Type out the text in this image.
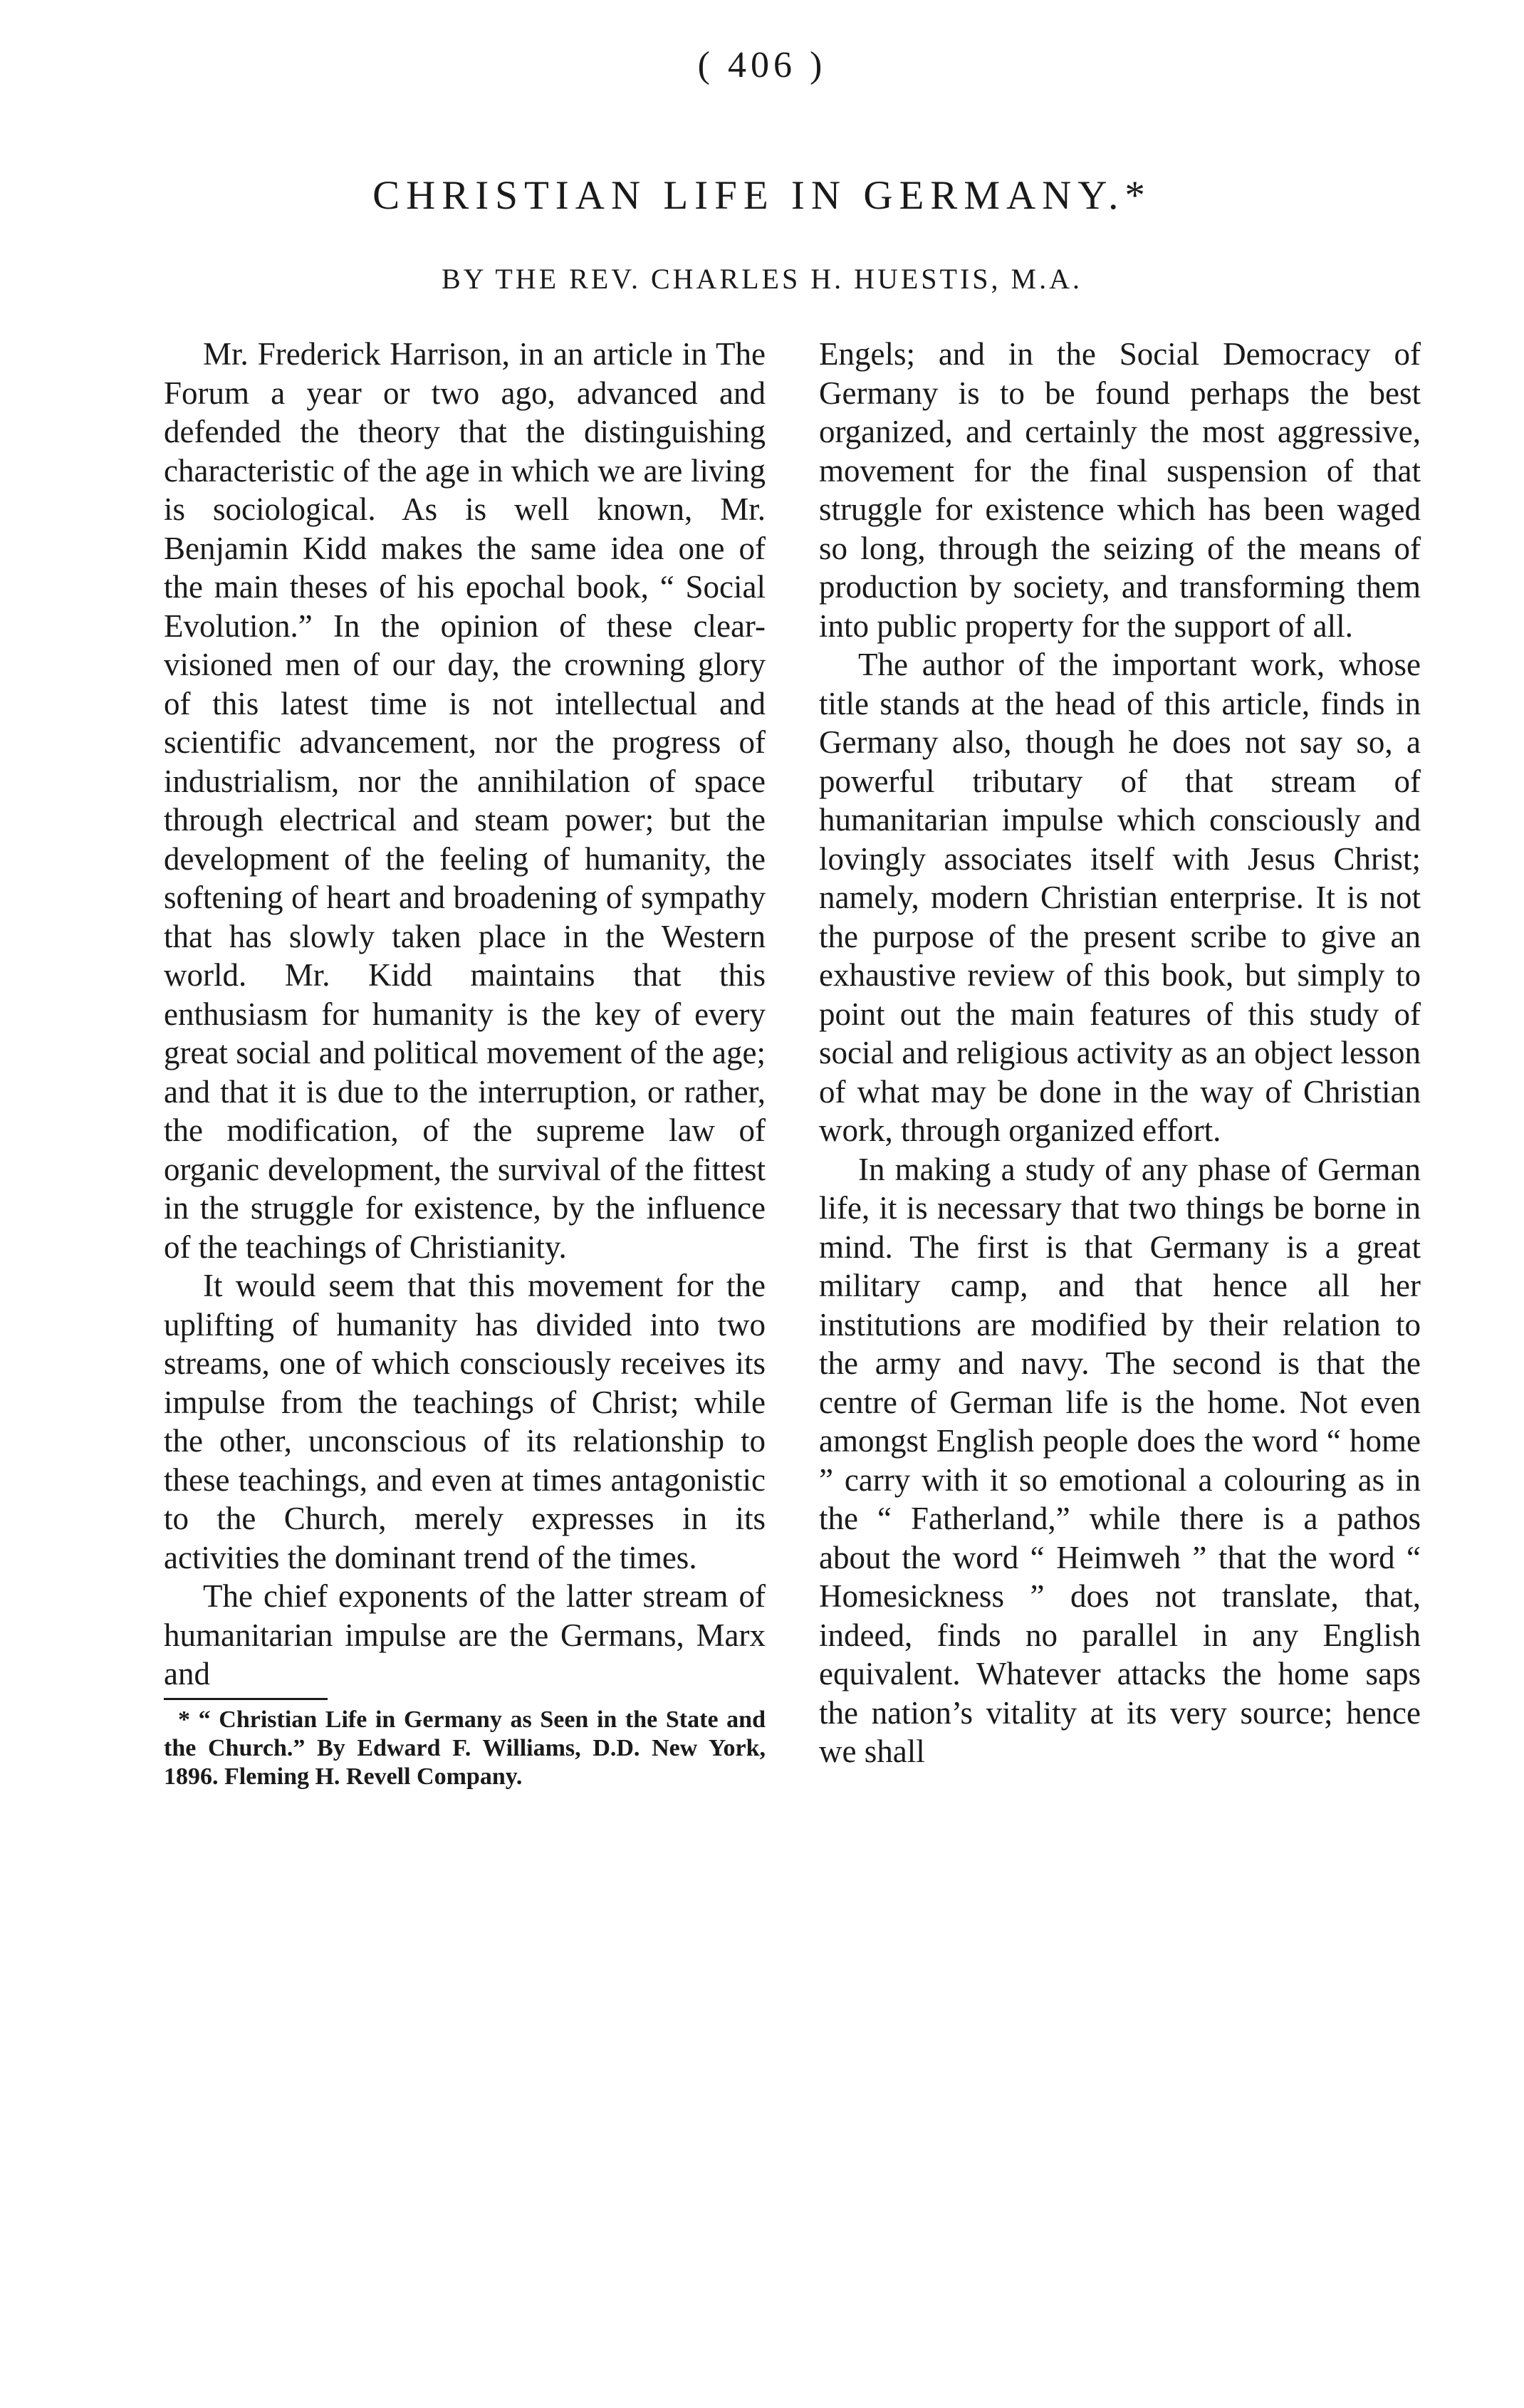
( 406 )
CHRISTIAN LIFE IN GERMANY.*
BY THE REV. CHARLES H. HUESTIS, M.A.

Mr. Frederick Harrison, in an article in The Forum a year or two ago, advanced and defended the theory that the distinguishing characteristic of the age in which we are living is sociological. As is well known, Mr. Benjamin Kidd makes the same idea one of the main theses of his epochal book, “ Social Evolution.” In the opinion of these clear-visioned men of our day, the crowning glory of this latest time is not intellectual and scientific advancement, nor the progress of industrialism, nor the annihilation of space through electrical and steam power; but the development of the feeling of humanity, the softening of heart and broadening of sympathy that has slowly taken place in the Western world. Mr. Kidd maintains that this enthusiasm for humanity is the key of every great social and political movement of the age; and that it is due to the interruption, or rather, the modification, of the supreme law of organic development, the survival of the fittest in the struggle for existence, by the influence of the teachings of Christianity.

It would seem that this movement for the uplifting of humanity has divided into two streams, one of which consciously receives its impulse from the teachings of Christ; while the other, unconscious of its relationship to these teachings, and even at times antagonistic to the Church, merely expresses in its activities the dominant trend of the times.

The chief exponents of the latter stream of humanitarian impulse are the Germans, Marx and

* “ Christian Life in Germany as Seen in the State and the Church.” By Edward F. Williams, D.D. New York, 1896. Fleming H. Revell Company.

Engels; and in the Social Democracy of Germany is to be found perhaps the best organized, and certainly the most aggressive, movement for the final suspension of that struggle for existence which has been waged so long, through the seizing of the means of production by society, and transforming them into public property for the support of all.

The author of the important work, whose title stands at the head of this article, finds in Germany also, though he does not say so, a powerful tributary of that stream of humanitarian impulse which consciously and lovingly associates itself with Jesus Christ; namely, modern Christian enterprise. It is not the purpose of the present scribe to give an exhaustive review of this book, but simply to point out the main features of this study of social and religious activity as an object lesson of what may be done in the way of Christian work, through organized effort.

In making a study of any phase of German life, it is necessary that two things be borne in mind. The first is that Germany is a great military camp, and that hence all her institutions are modified by their relation to the army and navy. The second is that the centre of German life is the home. Not even amongst English people does the word “ home ” carry with it so emotional a colouring as in the “ Fatherland,” while there is a pathos about the word “ Heimweh ” that the word “ Homesickness ” does not translate, that, indeed, finds no parallel in any English equivalent. Whatever attacks the home saps the nation’s vitality at its very source; hence we shall
